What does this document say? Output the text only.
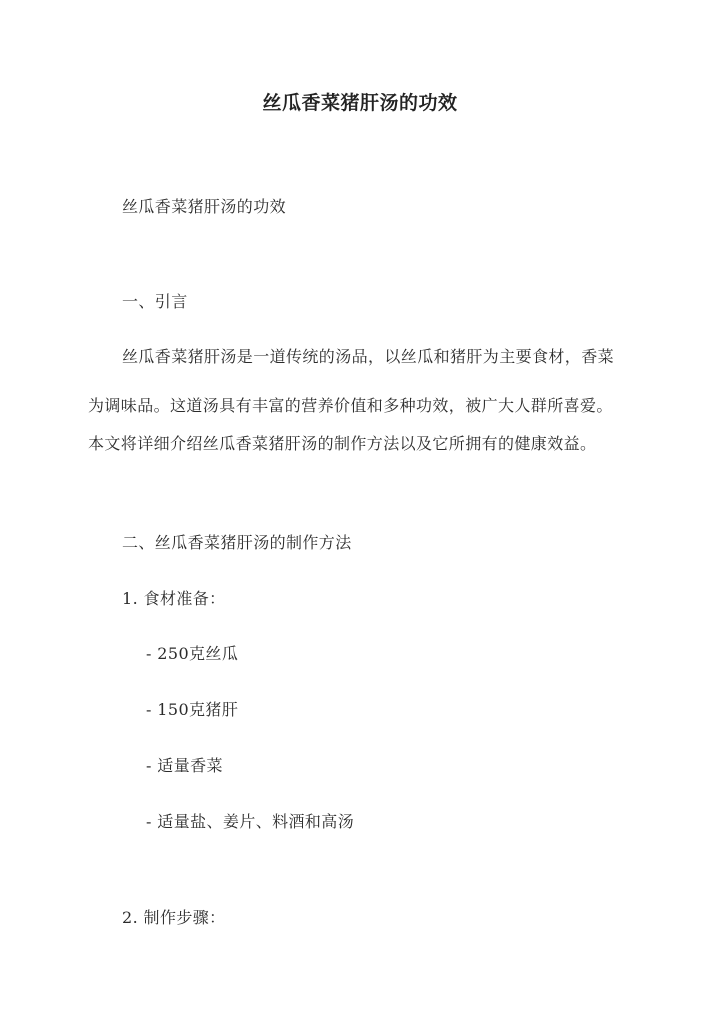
丝瓜香菜猪肝汤的功效
丝瓜香菜猪肝汤的功效
一、引言
丝瓜香菜猪肝汤是一道传统的汤品，以丝瓜和猪肝为主要食材，香菜
为调味品。这道汤具有丰富的营养价值和多种功效，被广大人群所喜爱。
本文将详细介绍丝瓜香菜猪肝汤的制作方法以及它所拥有的健康效益。
二、丝瓜香菜猪肝汤的制作方法
1. 食材准备：
- 250克丝瓜
- 150克猪肝
- 适量香菜
- 适量盐、姜片、料酒和高汤
2. 制作步骤：
